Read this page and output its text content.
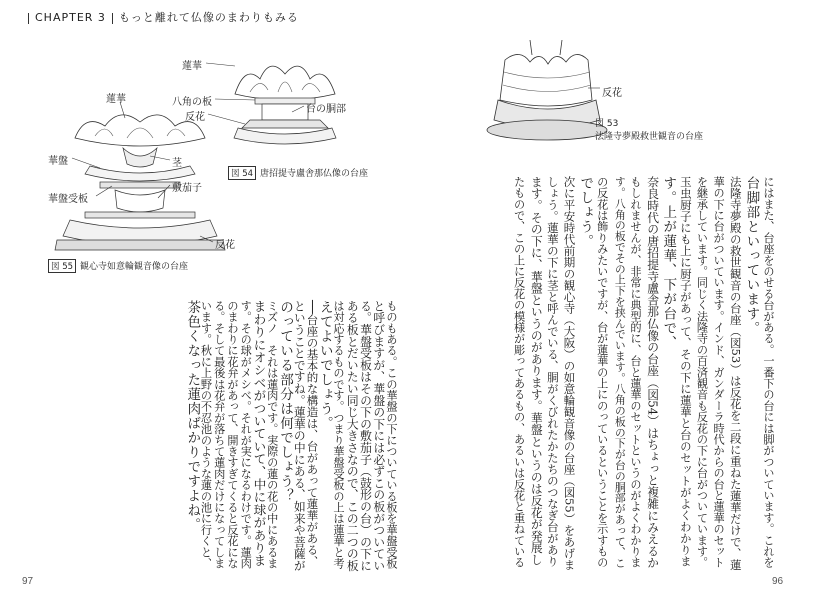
CHAPTER 3 もっと離れて仏像のまわりもみる
ものもある。この華盤の下についている板を華盤受板
と呼びますが、華盤の下には必ずこの板がついてい
る。華盤受板はその下の敷茄子（鼓形の台）の下に
ある板とだいたい同じ大きさなので、この二つの板
は対応するものです。つまり華盤受板の上は蓮華と考
えてよいでしょう。
──台座の基本的な構造は、台があって蓮華がある、
ということですね。蓮華の中にある、如来や菩薩が
のっている部分は何でしょう？
ミズノ　それは蓮肉です。実際の蓮の花の中にあるま
まわりにオシベがついていて、中に球がありま
す。その球がメシベ。それが実になるわけです。蓮肉
のまわりに花弁があって、開きすぎてくると反花にな
る。そして最後は花弁が落ちて蓮肉だけになってしま
います。秋に上野の不忍池のような蓮の池に行くと、
茶色くなった蓮肉ばかりですよね。	にはまた、台座をのせる台がある。一番下の台には脚がついています。これを
台脚部といっています。
法隆寺夢殿の救世観音の台座（図53）は反花を二段に重ねた蓮華だけで、蓮
華の下に台がついています。インド、ガンダーラ時代からの台と蓮華のセット
を継承しています。同じく法隆寺の百済観音も反花の下に台がついています。
玉虫厨子にも上に厨子があって、その下に蓮華と台のセットがよくわかりま
す。上が蓮華、下が台で、
奈良時代の唐招提寺盧舎那仏像の台座（図54）はちょっと複雑にみえるか
もしれませんが、非常に典型的に、台と蓮華のセットというのがよくわかりま
す。八角の板でその上下を挟んでいます。八角の板の下が台の胴部があって、こ
の反花は飾りみたいですが、台が蓮華の上にのっているということを示すもの
でしょう。
次に平安時代前期の観心寺（大阪）の如意輪観音像の台座（図55）をあげま
しょう。蓮華の下に茎と呼んでいる、胴がくびれたかたちのつなぎ台があり
ます。その下に、華盤というのがあります。華盤というのは反花が発展し
たもので、この上に反花の模様が彫ってあるもの、あるいは反花と重ねている
97	96
反花
図 53
法隆寺夢殿救世観音の台座
蓮華
八角の板
反花
台の胴部
図 54 唐招提寺盧舎那仏像の台座
蓮華
華盤	茎
敷茄子
華盤受板
反花
図 55 観心寺如意輪観音像の台座
